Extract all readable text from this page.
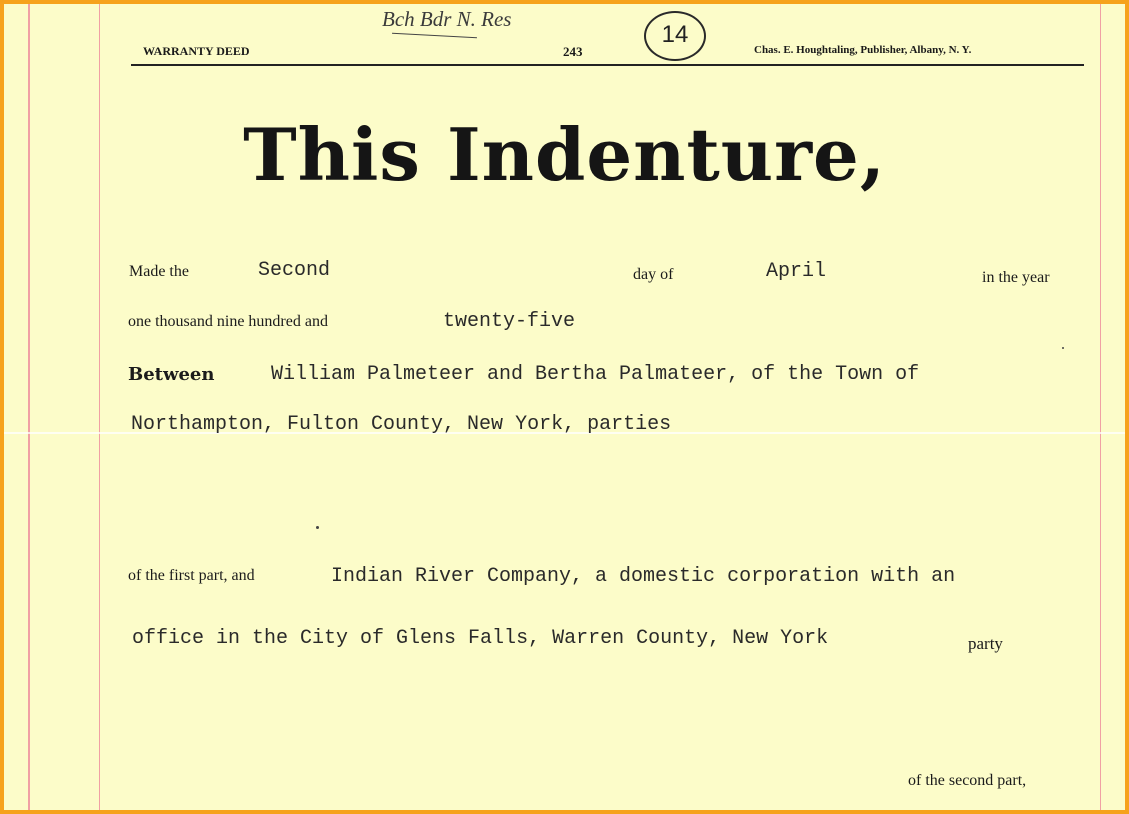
Bch Bdr N. Res
14
WARRANTY DEED	243	Chas. E. Houghtaling, Publisher, Albany, N. Y.
This Indenture,
Made the	Second	day of	April	in the year
one thousand nine hundred and	twenty-five
Between	William Palmeteer and Bertha Palmateer, of the Town of
Northampton, Fulton County, New York, parties
of the first part, and	Indian River Company, a domestic corporation with an
office in the City of Glens Falls, Warren County, New York	party
of the second part,
